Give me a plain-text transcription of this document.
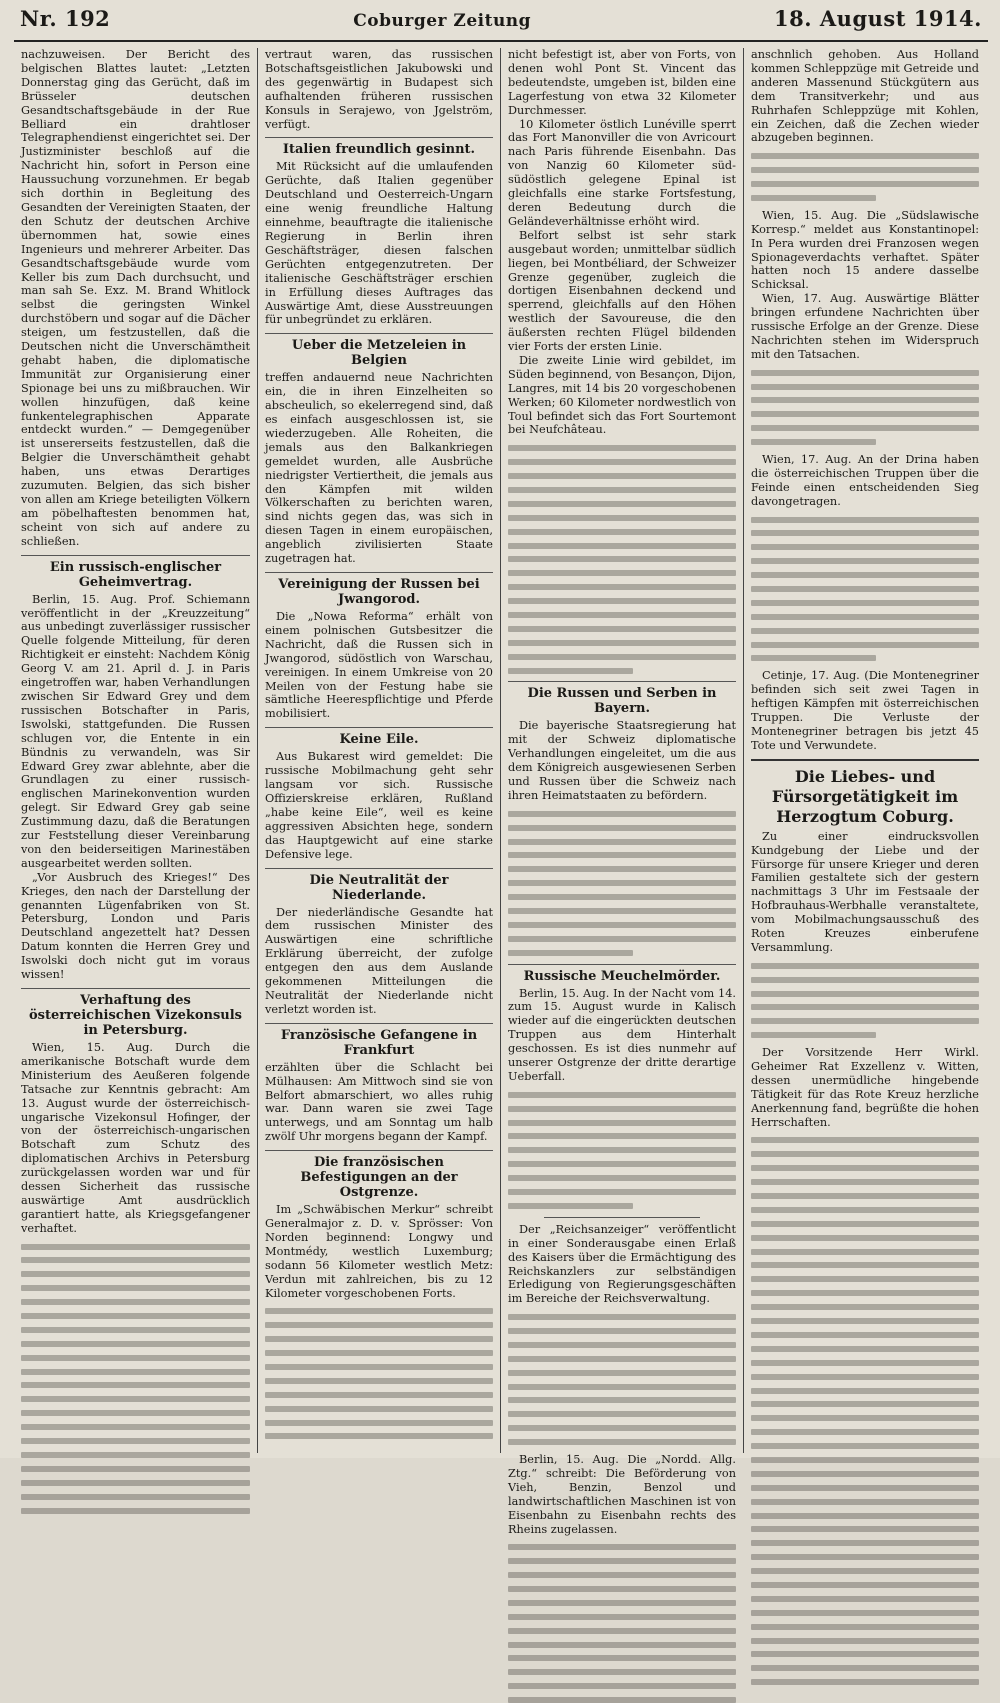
Nr. 192	Coburger Zeitung	18. August 1914.

nachzuweisen. Der Bericht des belgischen Blattes lautet: „Letzten Donnerstag ging das Gerücht, daß im Brüsseler deutschen Gesandtschaftsgebäude in der Rue Belliard ein drahtloser Telegraphendienst eingerichtet sei. Der Justizminister beschloß auf die Nachricht hin, sofort in Person eine Haussuchung vorzunehmen. Er begab sich dorthin in Begleitung des Gesandten der Vereinigten Staaten, der den Schutz der deutschen Archive übernommen hat, sowie eines Ingenieurs und mehrerer Arbeiter. Das Gesandtschaftsgebäude wurde vom Keller bis zum Dach durchsucht, und man sah Se. Exz. M. Brand Whitlock selbst die geringsten Winkel durchstöbern und sogar auf die Dächer steigen, um festzustellen, daß die Deutschen nicht die Unverschämtheit gehabt haben, die diplomatische Immunität zur Organisierung einer Spionage bei uns zu mißbrauchen. Wir wollen hinzufügen, daß keine funkentelegraphischen Apparate entdeckt wurden.“ — Demgegenüber ist unsererseits festzustellen, daß die Belgier die Unverschämtheit gehabt haben, uns etwas Derartiges zuzumuten. Belgien, das sich bisher von allen am Kriege beteiligten Völkern am pöbelhaftesten benommen hat, scheint von sich auf andere zu schließen.

Ein russisch-englischer Geheimvertrag.

Berlin, 15. Aug. Prof. Schiemann veröffentlicht in der „Kreuzzeitung“ aus unbedingt zuverlässiger russischer Quelle folgende Mitteilung, für deren Richtigkeit er einsteht: Nachdem König Georg V. am 21. April d. J. in Paris eingetroffen war, haben Verhandlungen zwischen Sir Edward Grey und dem russischen Botschafter in Paris, Iswolski, stattgefunden. Die Russen schlugen vor, die Entente in ein Bündnis zu verwandeln, was Sir Edward Grey zwar ablehnte, aber die Grundlagen zu einer russisch-englischen Marinekonvention wurden gelegt. Sir Edward Grey gab seine Zustimmung dazu, daß die Beratungen zur Feststellung dieser Vereinbarung von den beiderseitigen Marinestäben ausgearbeitet werden sollten.

„Vor Ausbruch des Krieges!“ Des Krieges, den nach der Darstellung der genannten Lügenfabriken von St. Petersburg, London und Paris Deutschland angezettelt hat? Dessen Datum konnten die Herren Grey und Iswolski doch nicht gut im voraus wissen!

Verhaftung des österreichischen Vizekonsuls in Petersburg.

Wien, 15. Aug. Durch die amerikanische Botschaft wurde dem Ministerium des Aeußeren folgende Tatsache zur Kenntnis gebracht: Am 13. August wurde der österreichisch-ungarische Vizekonsul Hofinger, der von der österreichisch-ungarischen Botschaft zum Schutz des diplomatischen Archivs in Petersburg zurückgelassen worden war und für dessen Sicherheit das russische auswärtige Amt ausdrücklich garantiert hatte, als Kriegsgefangener verhaftet.

vertraut waren, das russischen Botschaftsgeistlichen Jakubowski und des gegenwärtig in Budapest sich aufhaltenden früheren russischen Konsuls in Serajewo, von Jgelström, verfügt.

Italien freundlich gesinnt.

Mit Rücksicht auf die umlaufenden Gerüchte, daß Italien gegenüber Deutschland und Oesterreich-Ungarn eine wenig freundliche Haltung einnehme, beauftragte die italienische Regierung in Berlin ihren Geschäftsträger, diesen falschen Gerüchten entgegenzutreten. Der italienische Geschäftsträger erschien in Erfüllung dieses Auftrages das Auswärtige Amt, diese Ausstreuungen für unbegründet zu erklären.

Ueber die Metzeleien in Belgien

treffen andauernd neue Nachrichten ein, die in ihren Einzelheiten so abscheulich, so ekelerregend sind, daß es einfach ausgeschlossen ist, sie wiederzugeben. Alle Roheiten, die jemals aus den Balkankriegen gemeldet wurden, alle Ausbrüche niedrigster Vertiertheit, die jemals aus den Kämpfen mit wilden Völkerschaften zu berichten waren, sind nichts gegen das, was sich in diesen Tagen in einem europäischen, angeblich zivilisierten Staate zugetragen hat.

Vereinigung der Russen bei Jwangorod.

Die „Nowa Reforma“ erhält von einem polnischen Gutsbesitzer die Nachricht, daß die Russen sich in Jwangorod, südöstlich von Warschau, vereinigen. In einem Umkreise von 20 Meilen von der Festung habe sie sämtliche Heerespflichtige und Pferde mobilisiert.

Keine Eile.

Aus Bukarest wird gemeldet: Die russische Mobilmachung geht sehr langsam vor sich. Russische Offizierskreise erklären, Rußland „habe keine Eile“, weil es keine aggressiven Absichten hege, sondern das Hauptgewicht auf eine starke Defensive lege.

Die Neutralität der Niederlande.

Der niederländische Gesandte hat dem russischen Minister des Auswärtigen eine schriftliche Erklärung überreicht, der zufolge entgegen den aus dem Auslande gekommenen Mitteilungen die Neutralität der Niederlande nicht verletzt worden ist.

Französische Gefangene in Frankfurt

erzählten über die Schlacht bei Mülhausen: Am Mittwoch sind sie von Belfort abmarschiert, wo alles ruhig war. Dann waren sie zwei Tage unterwegs, und am Sonntag um halb zwölf Uhr morgens begann der Kampf.

Die französischen Befestigungen an der Ostgrenze.

Im „Schwäbischen Merkur“ schreibt Generalmajor z. D. v. Sprösser: Von Norden beginnend: Longwy und Montmédy, westlich Luxemburg; sodann 56 Kilometer westlich Metz: Verdun mit zahlreichen, bis zu 12 Kilometer vorgeschobenen Forts.

nicht befestigt ist, aber von Forts, von denen wohl Pont St. Vincent das bedeutendste, umgeben ist, bilden eine Lagerfestung von etwa 32 Kilometer Durchmesser.

10 Kilometer östlich Lunéville sperrt das Fort Manonviller die von Avricourt nach Paris führende Eisenbahn. Das von Nanzig 60 Kilometer süd-südöstlich gelegene Epinal ist gleichfalls eine starke Fortsfestung, deren Bedeutung durch die Geländeverhältnisse erhöht wird.

Belfort selbst ist sehr stark ausgebaut worden; unmittelbar südlich liegen, bei Montbéliard, der Schweizer Grenze gegenüber, zugleich die dortigen Eisenbahnen deckend und sperrend, gleichfalls auf den Höhen westlich der Savoureuse, die den äußersten rechten Flügel bildenden vier Forts der ersten Linie.

Die zweite Linie wird gebildet, im Süden beginnend, von Besançon, Dijon, Langres, mit 14 bis 20 vorgeschobenen Werken; 60 Kilometer nordwestlich von Toul befindet sich das Fort Sourtemont bei Neufchâteau.

Die Russen und Serben in Bayern.

Die bayerische Staatsregierung hat mit der Schweiz diplomatische Verhandlungen eingeleitet, um die aus dem Königreich ausgewiesenen Serben und Russen über die Schweiz nach ihren Heimatstaaten zu befördern.

Russische Meuchelmörder.

Berlin, 15. Aug. In der Nacht vom 14. zum 15. August wurde in Kalisch wieder auf die eingerückten deutschen Truppen aus dem Hinterhalt geschossen. Es ist dies nunmehr auf unserer Ostgrenze der dritte derartige Ueberfall.

Der „Reichsanzeiger“ veröffentlicht in einer Sonderausgabe einen Erlaß des Kaisers über die Ermächtigung des Reichskanzlers zur selbständigen Erledigung von Regierungsgeschäften im Bereiche der Reichsverwaltung.

Berlin, 15. Aug. Die „Nordd. Allg. Ztg.“ schreibt: Die Beförderung von Vieh, Benzin, Benzol und landwirtschaftlichen Maschinen ist von Eisenbahn zu Eisenbahn rechts des Rheins zugelassen.

anschnlich gehoben. Aus Holland kommen Schleppzüge mit Getreide und anderen Massenund Stückgütern aus dem Transitverkehr; und aus Ruhrhafen Schleppzüge mit Kohlen, ein Zeichen, daß die Zechen wieder abzugeben beginnen.

Wien, 15. Aug. Die „Südslawische Korresp.“ meldet aus Konstantinopel: In Pera wurden drei Franzosen wegen Spionageverdachts verhaftet. Später hatten noch 15 andere dasselbe Schicksal.

Wien, 17. Aug. Auswärtige Blätter bringen erfundene Nachrichten über russische Erfolge an der Grenze. Diese Nachrichten stehen im Widerspruch mit den Tatsachen.

Wien, 17. Aug. An der Drina haben die österreichischen Truppen über die Feinde einen entscheidenden Sieg davongetragen.

Cetinje, 17. Aug. (Die Montenegriner befinden sich seit zwei Tagen in heftigen Kämpfen mit österreichischen Truppen. Die Verluste der Montenegriner betragen bis jetzt 45 Tote und Verwundete.

Die Liebes- und Fürsorgetätigkeit im Herzogtum Coburg.

Zu einer eindrucksvollen Kundgebung der Liebe und der Fürsorge für unsere Krieger und deren Familien gestaltete sich der gestern nachmittags 3 Uhr im Festsaale der Hofbrauhaus-Werbhalle veranstaltete, vom Mobilmachungsausschuß des Roten Kreuzes einberufene Versammlung.

Der Vorsitzende Herr Wirkl. Geheimer Rat Exzellenz v. Witten, dessen unermüdliche hingebende Tätigkeit für das Rote Kreuz herzliche Anerkennung fand, begrüßte die hohen Herrschaften.
